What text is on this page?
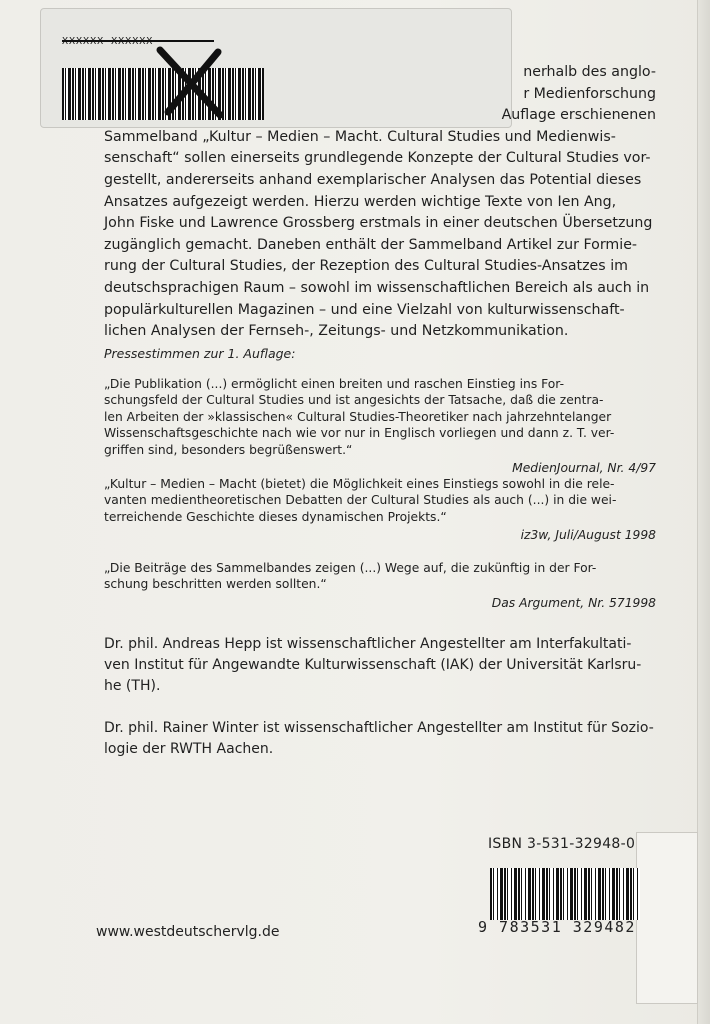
nerhalb des anglo-
r Medienforschung
Auflage erschienenen
Sammelband „Kultur – Medien – Macht. Cultural Studies und Medienwis-
senschaft“ sollen einerseits grundlegende Konzepte der Cultural Studies vor-
gestellt, andererseits anhand exemplarischer Analysen das Potential dieses
Ansatzes aufgezeigt werden. Hierzu werden wichtige Texte von Ien Ang,
John Fiske und Lawrence Grossberg erstmals in einer deutschen Übersetzung
zugänglich gemacht. Daneben enthält der Sammelband Artikel zur Formie-
rung der Cultural Studies, der Rezeption des Cultural Studies-Ansatzes im
deutschsprachigen Raum – sowohl im wissenschaftlichen Bereich als auch in
populärkulturellen Magazinen – und eine Vielzahl von kulturwissenschaft-
lichen Analysen der Fernseh-, Zeitungs- und Netzkommunikation.
Pressestimmen zur 1. Auflage:
„Die Publikation (...) ermöglicht einen breiten und raschen Einstieg ins For-
schungsfeld der Cultural Studies und ist angesichts der Tatsache, daß die zentra-
len Arbeiten der »klassischen« Cultural Studies-Theoretiker nach jahrzehntelanger
Wissenschaftsgeschichte nach wie vor nur in Englisch vorliegen und dann z. T. ver-
griffen sind, besonders begrüßenswert.“
MedienJournal, Nr. 4/97
„Kultur – Medien – Macht (bietet) die Möglichkeit eines Einstiegs sowohl in die rele-
vanten medientheoretischen Debatten der Cultural Studies als auch (...) in die wei-
terreichende Geschichte dieses dynamischen Projekts.“
iz3w, Juli/August 1998
„Die Beiträge des Sammelbandes zeigen (...) Wege auf, die zukünftig in der For-
schung beschritten werden sollten.“
Das Argument, Nr. 571998
Dr. phil. Andreas Hepp ist wissenschaftlicher Angestellter am Interfakultati-
ven Institut für Angewandte Kulturwissenschaft (IAK) der Universität Karlsru-
he (TH).
Dr. phil. Rainer Winter ist wissenschaftlicher Angestellter am Institut für Sozio-
logie der RWTH Aachen.
ISBN 3-531-32948-0
9 783531 329482
www.westdeutschervlg.de
